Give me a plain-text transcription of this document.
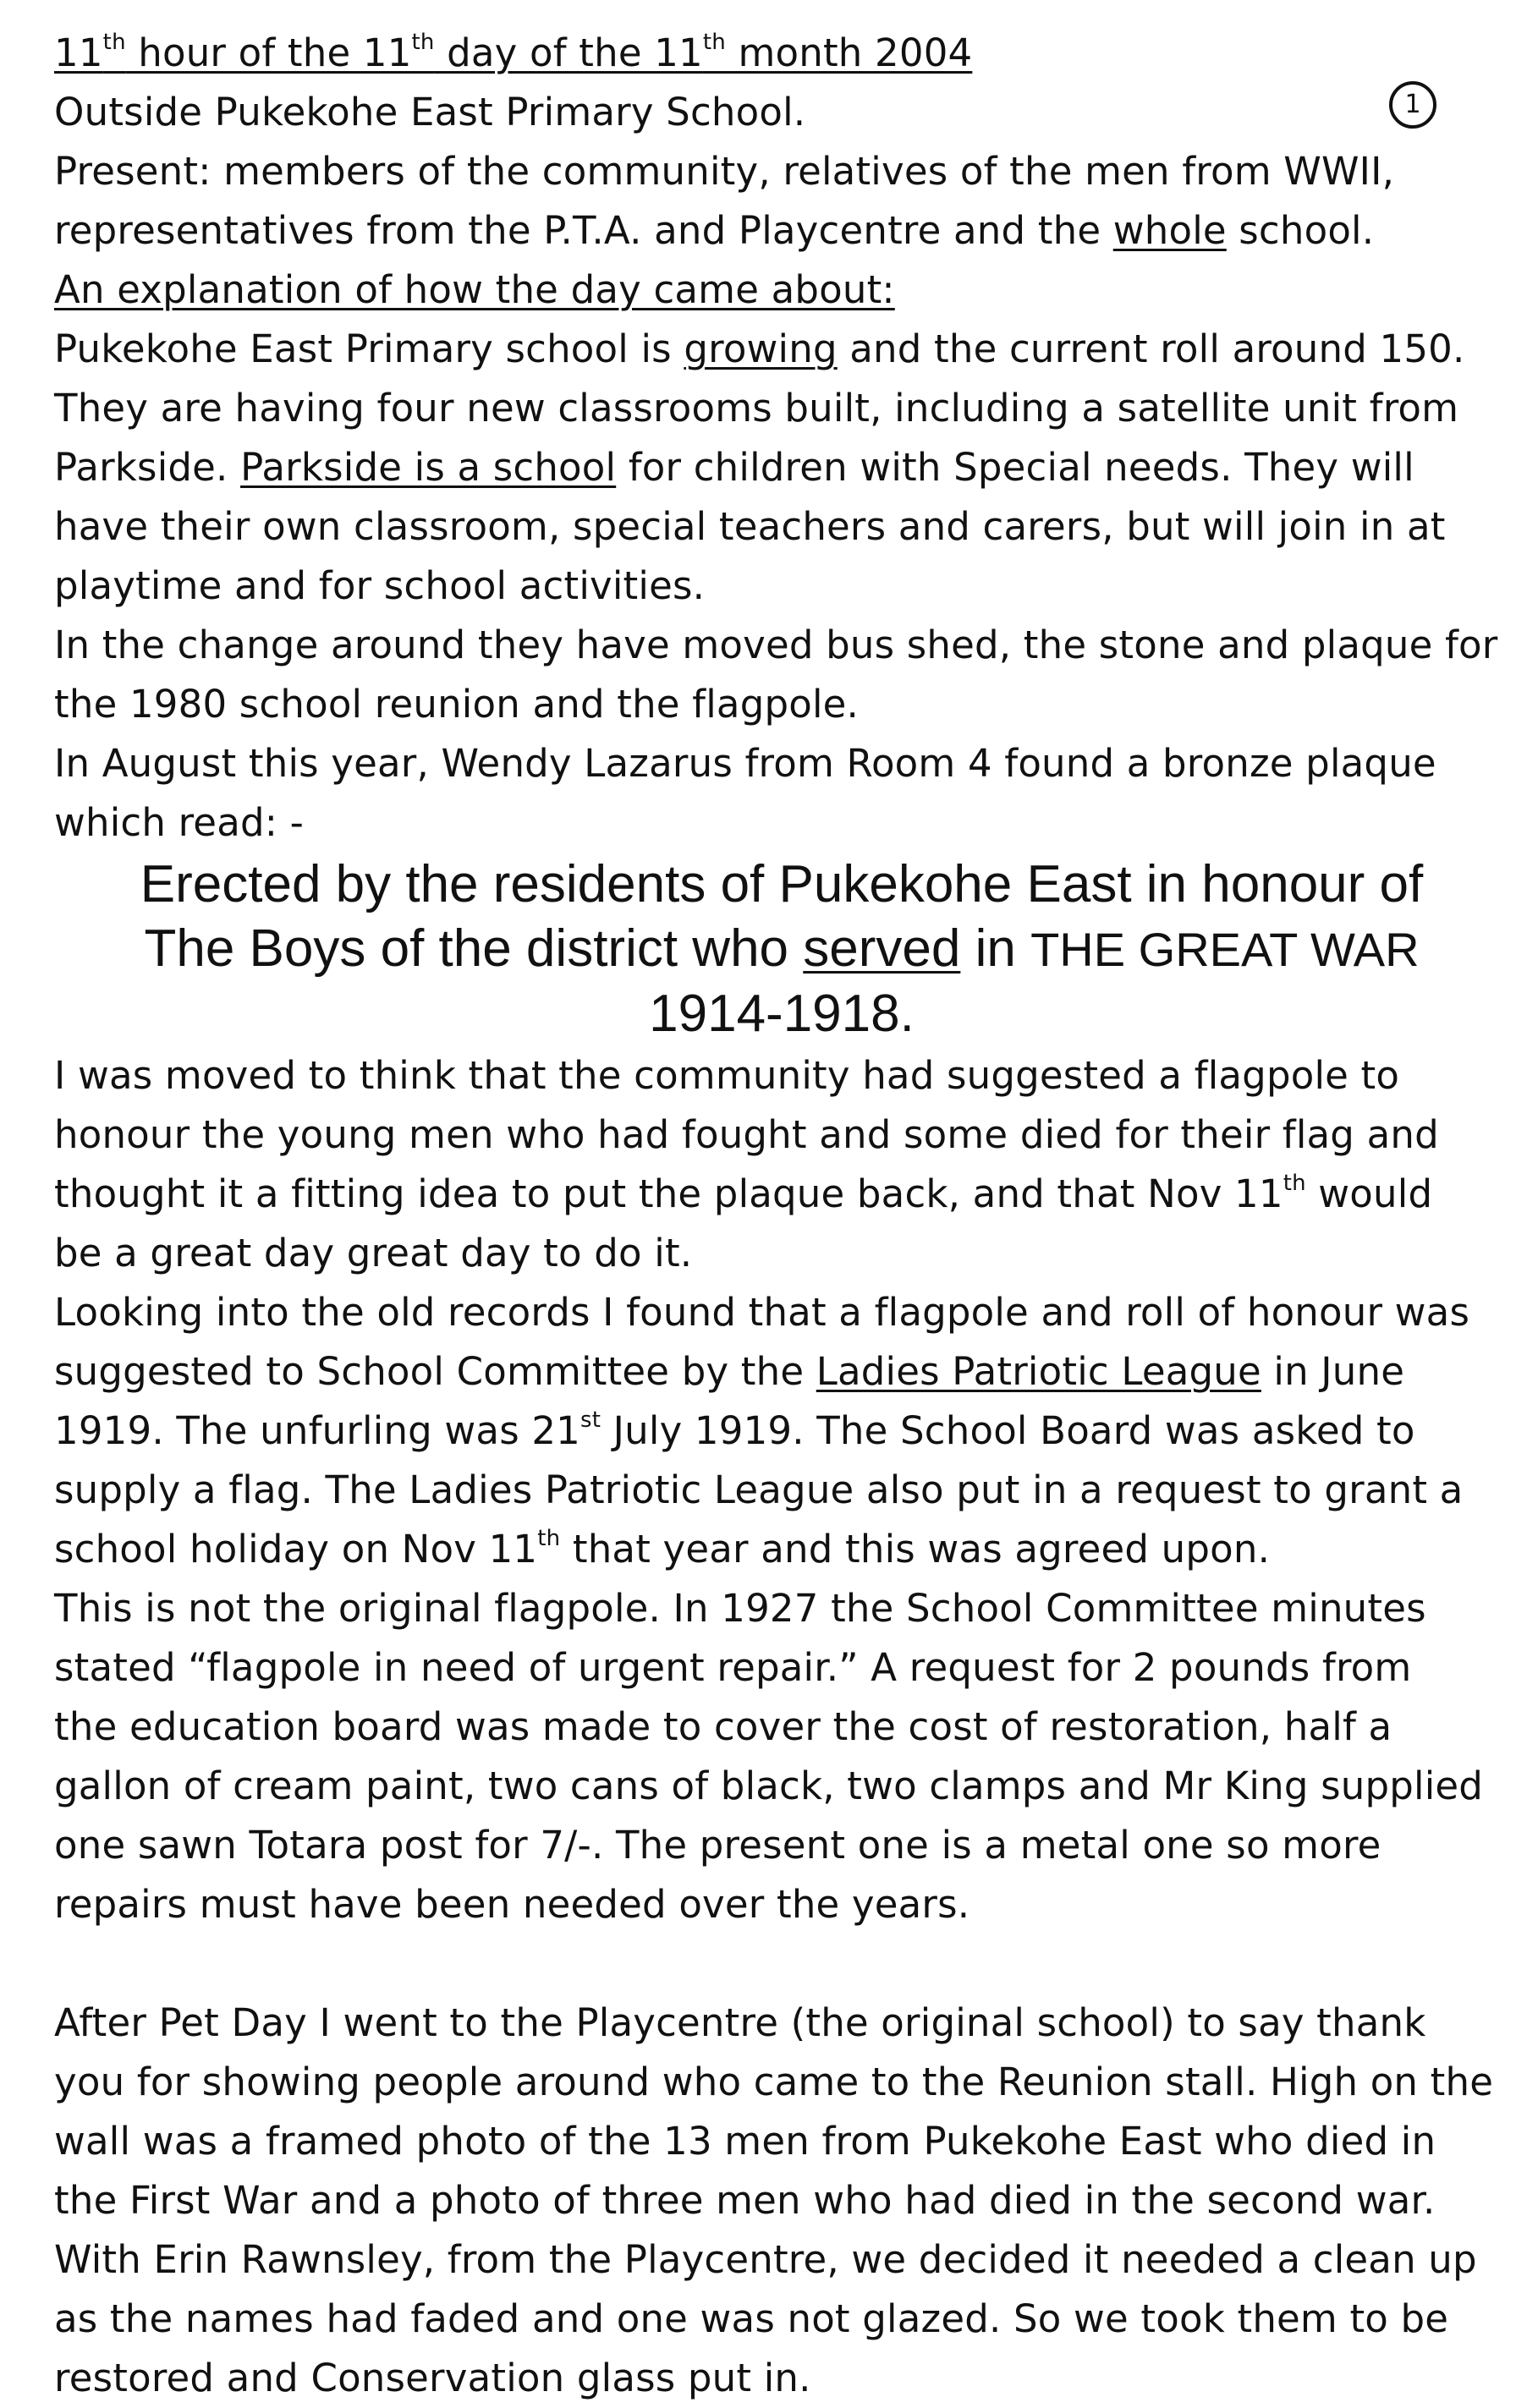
1
11th hour of the 11th day of the 11th month 2004
Outside Pukekohe East Primary School.
Present: members of the community, relatives of the men from WWII,
representatives from the P.T.A. and Playcentre and the whole school.
An explanation of how the day came about:
Pukekohe East Primary school is growing and the current roll around 150.
They are having four new classrooms built, including a satellite unit from
Parkside. Parkside is a school for children with Special needs. They will
have their own classroom, special teachers and carers, but will join in at
playtime and for school activities.
In the change around they have moved bus shed, the stone and plaque for
the 1980 school reunion and the flagpole.
In August this year, Wendy Lazarus from Room 4 found a bronze plaque
which read: -
Erected by the residents of Pukekohe East in honour of
The Boys of the district who served in THE GREAT WAR
1914-1918.
I was moved to think that the community had suggested a flagpole to
honour the young men who had fought and some died for their flag and
thought it a fitting idea to put the plaque back, and that Nov 11th would
be a great day great day to do it.
Looking into the old records I found that a flagpole and roll of honour was
suggested to School Committee by the Ladies Patriotic League in June
1919. The unfurling was 21st July 1919. The School Board was asked to
supply a flag. The Ladies Patriotic League also put in a request to grant a
school holiday on Nov 11th that year and this was agreed upon.
This is not the original flagpole. In 1927 the School Committee minutes
stated “flagpole in need of urgent repair.” A request for 2 pounds from
the education board was made to cover the cost of restoration, half a
gallon of cream paint, two cans of black, two clamps and Mr King supplied
one sawn Totara post for 7/-. The present one is a metal one so more
repairs must have been needed over the years.
After Pet Day I went to the Playcentre (the original school) to say thank
you for showing people around who came to the Reunion stall. High on the
wall was a framed photo of the 13 men from Pukekohe East who died in
the First War and a photo of three men who had died in the second war.
With Erin Rawnsley, from the Playcentre, we decided it needed a clean up
as the names had faded and one was not glazed. So we took them to be
restored and Conservation glass put in.
